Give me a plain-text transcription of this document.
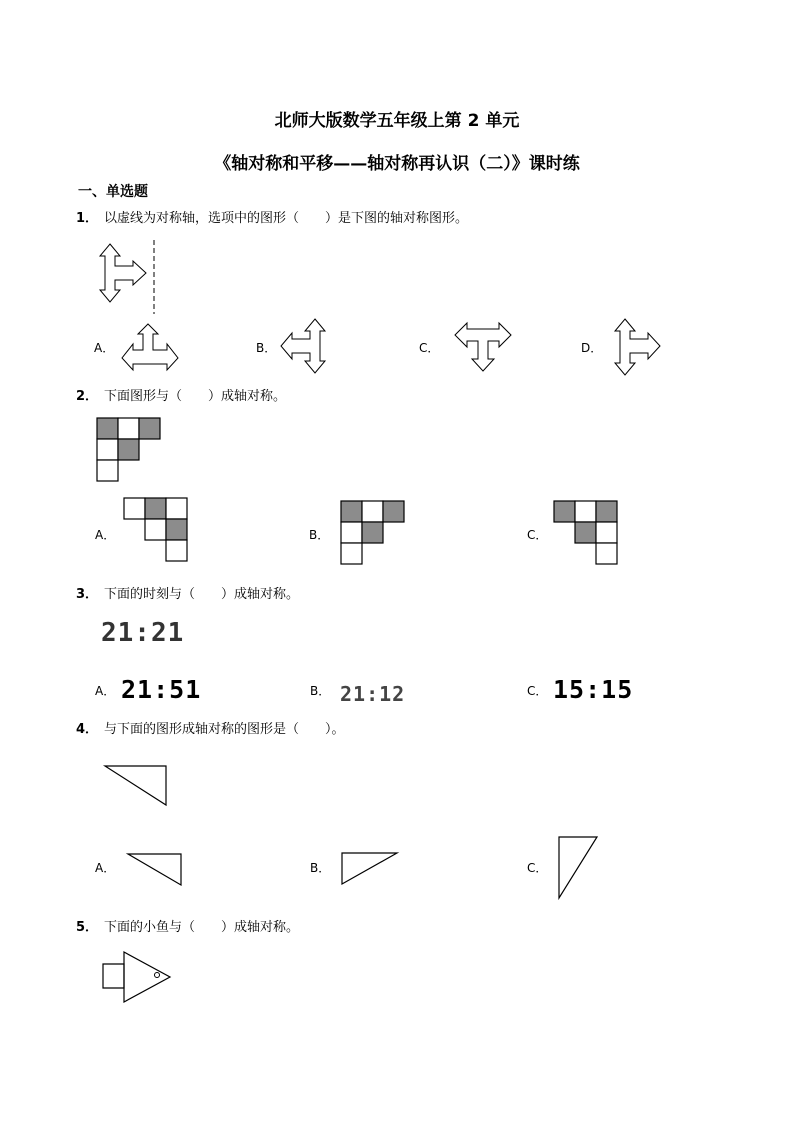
北师大版数学五年级上第 2 单元
《轴对称和平移——轴对称再认识（二）》课时练
一、单选题
1． 以虚线为对称轴，选项中的图形（　　）是下图的轴对称图形。
A．	B．	C．	D．
2． 下面图形与（　　）成轴对称。
A．	B．	C．
3． 下面的时刻与（　　）成轴对称。
21:21
A． 21:51	B． 21:12	C． 15:15
4． 与下面的图形成轴对称的图形是（　　）。
A．	B．	C．
5． 下面的小鱼与（　　）成轴对称。
